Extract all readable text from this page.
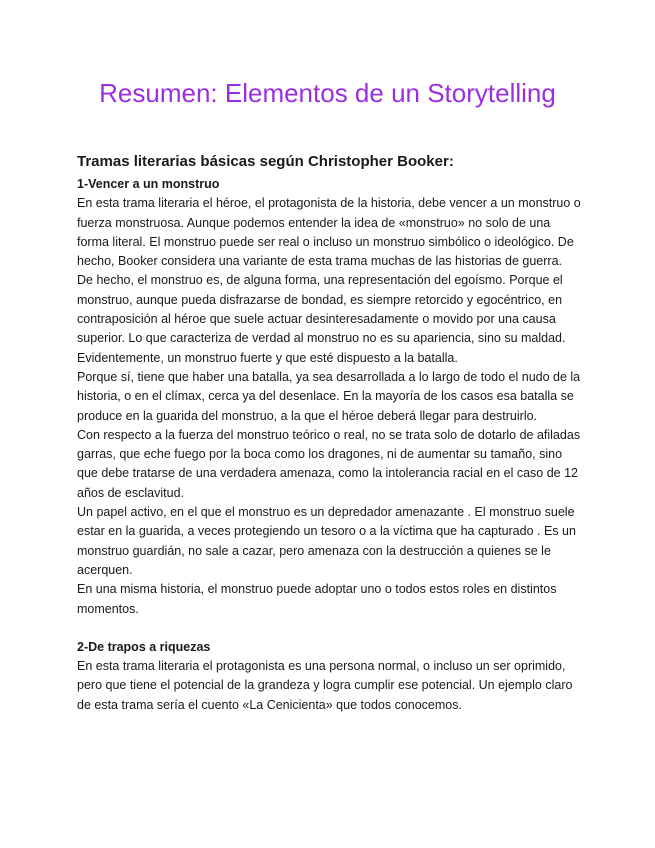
Resumen: Elementos de un Storytelling
Tramas literarias básicas según Christopher Booker:
1-Vencer a un monstruo

En esta trama literaria el héroe, el protagonista de la historia, debe vencer a un monstruo o fuerza monstruosa. Aunque podemos entender la idea de «monstruo» no solo de una forma literal. El monstruo puede ser real o incluso un monstruo simbólico o ideológico. De hecho, Booker considera una variante de esta trama muchas de las historias de guerra.

De hecho, el monstruo es, de alguna forma, una representación del egoísmo. Porque el monstruo, aunque pueda disfrazarse de bondad, es siempre retorcido y egocéntrico, en contraposición al héroe que suele actuar desinteresadamente o movido por una causa superior. Lo que caracteriza de verdad al monstruo no es su apariencia, sino su maldad. Evidentemente, un monstruo fuerte y que esté dispuesto a la batalla.

Porque sí, tiene que haber una batalla, ya sea desarrollada a lo largo de todo el nudo de la historia, o en el clímax, cerca ya del desenlace. En la mayoría de los casos esa batalla se produce en la guarida del monstruo, a la que el héroe deberá llegar para destruirlo.

Con respecto a la fuerza del monstruo teórico o real, no se trata solo de dotarlo de afiladas garras, que eche fuego por la boca como los dragones, ni de aumentar su tamaño, sino que debe tratarse de una verdadera amenaza, como la intolerancia racial en el caso de 12 años de esclavitud.

Un papel activo, en el que el monstruo es un depredador amenazante . El monstruo suele estar en la guarida, a veces protegiendo un tesoro o a la víctima que ha capturado . Es un monstruo guardián, no sale a cazar, pero amenaza con la destrucción a quienes se le acerquen.

En una misma historia, el monstruo puede adoptar uno o todos estos roles en distintos momentos.

2-De trapos a riquezas

En esta trama literaria el protagonista es una persona normal, o incluso un ser oprimido, pero que tiene el potencial de la grandeza y logra cumplir ese potencial. Un ejemplo claro de esta trama sería el cuento «La Cenicienta» que todos conocemos.
